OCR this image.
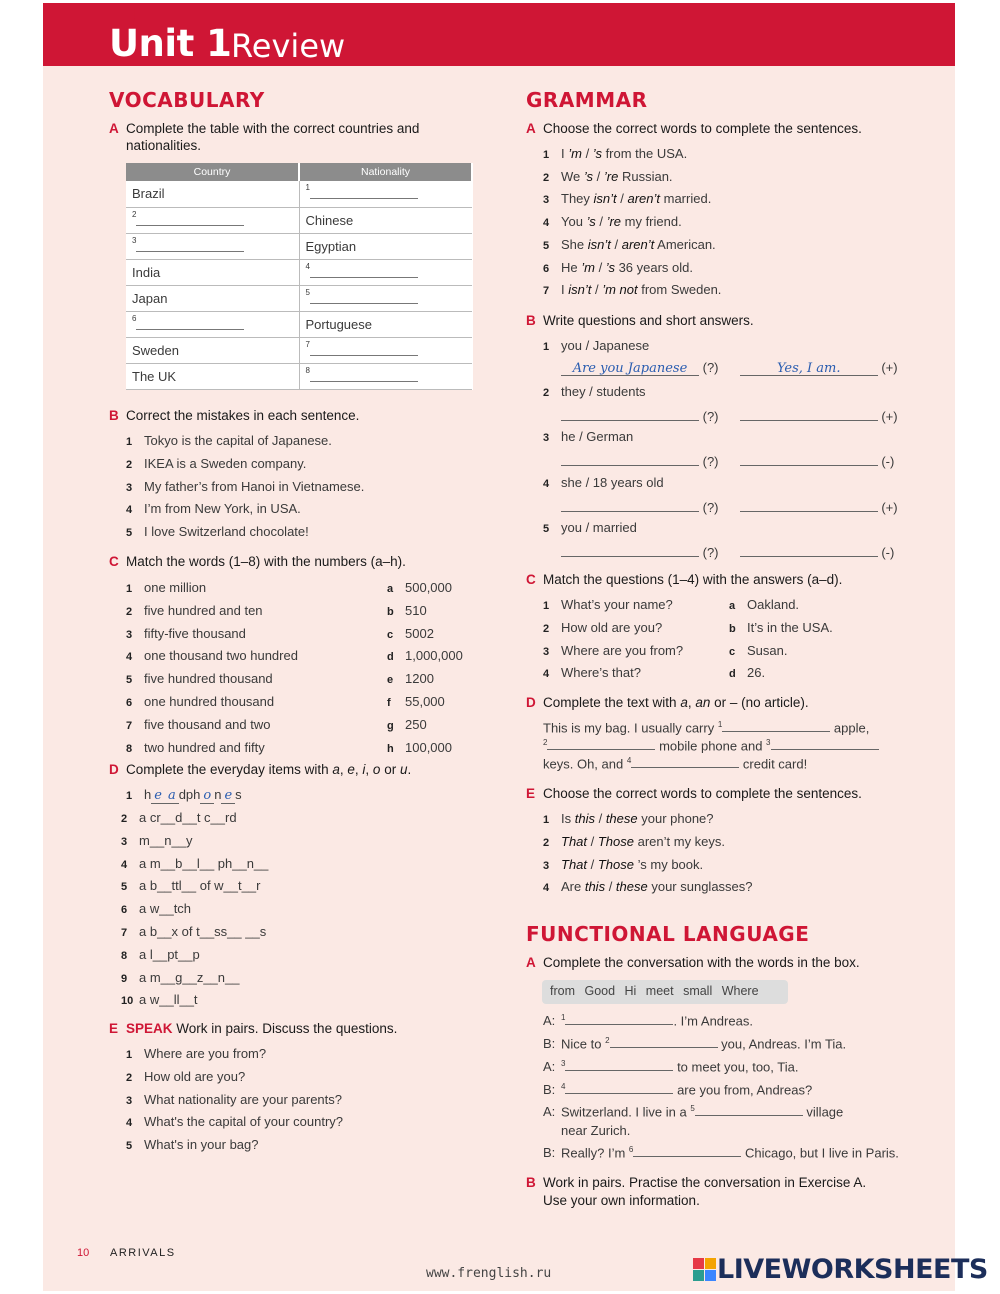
Unit 1 Review
VOCABULARY
A Complete the table with the correct countries and
nationalities.
Country	Nationality
Brazil	$^1$
$^2$	Chinese
$^3$	Egyptian
India	$^4$
Japan	$^5$
$^6$	Portuguese
Sweden	$^7$
The UK	$^8$
B Correct the mistakes in each sentence.
1 Tokyo is the capital of Japanese.
2 IKEA is a Sweden company.
3 My father’s from Hanoi in Vietnamese.
4 I’m from New York, in USA.
5 I love Switzerland chocolate!
C Match the words (1–8) with the numbers (a–h).
1 one million	a 500,000
2 five hundred and ten	b 510
3 fifty-five thousand	c 5002
4 one thousand two hundred	d 1,000,000
5 five hundred thousand	e 1200
6 one hundred thousand	f 55,000
7 five thousand and two	g 250
8 two hundred and fifty	h 100,000
D Complete the everyday items with a, e, i, o or u.
1 h e a dph o n e s
2 a cr__d__t c__rd
3 m__n__y
4 a m__b__l__ ph__n__
5 a b__ttl__ of w__t__r
6 a w__tch
7 a b__x of t__ss__ __s
8 a l__pt__p
9 a m__g__z__n__
10 a w__ll__t
E SPEAK Work in pairs. Discuss the questions.
1 Where are you from?
2 How old are you?
3 What nationality are your parents?
4 What's the capital of your country?
5 What's in your bag?
GRAMMAR
A Choose the correct words to complete the sentences.
1 I ’m / ’s from the USA.
2 We ’s / ’re Russian.
3 They isn’t / aren’t married.
4 You ’s / ’re my friend.
5 She isn’t / aren’t American.
6 He ’m / ’s 36 years old.
7 I isn’t / ’m not from Sweden.
B Write questions and short answers.
1 you / Japanese
Are you Japanese (?)	Yes, I am.	(+)
2 they / students
(?)	(+)
3 he / German
(?)	(-)
4 she / 18 years old
(?)	(+)
5 you / married
(?)	(-)
C Match the questions (1–4) with the answers (a–d).
1 What’s your name?	a Oakland.
2 How old are you?	b It’s in the USA.
3 Where are you from?	c Susan.
4 Where’s that?	d 26.
D Complete the text with a, an or – (no article).
This is my bag. I usually carry $^1$	apple,
$^2$	mobile phone and $^3$
keys. Oh, and $^4$	credit card!
E Choose the correct words to complete the sentences.
1 Is this / these your phone?
2 That / Those aren’t my keys.
3 That / Those ’s my book.
4 Are this / these your sunglasses?
FUNCTIONAL LANGUAGE
A Complete the conversation with the words in the box.
from Good Hi meet small Where
A: $^1$	. I’m Andreas.
B: Nice to $^2$	you, Andreas. I’m Tia.
A: $^3$	to meet you, too, Tia.
B: $^4$	are you from, Andreas?
A: Switzerland. I live in a $^5$	village
near Zurich.
B: Really? I’m $^6$	Chicago, but I live in Paris.
B Work in pairs. Practise the conversation in Exercise A.
Use your own information.
10 ARRIVALS
www.frenglish.ru	LIVEWORKSHEETS
